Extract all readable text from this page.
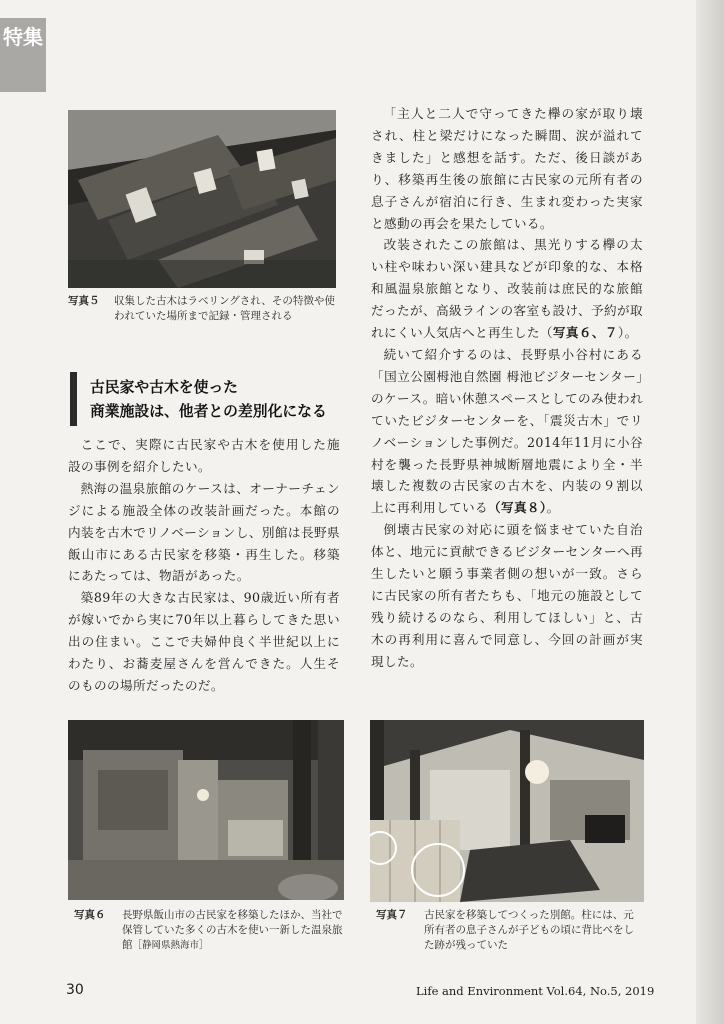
特集

写真５	収集した古木はラベリングされ、その特徴や使われていた場所まで記録・管理される
古民家や古木を使った
商業施設は、他者との差別化になる

ここで、実際に古民家や古木を使用した施設の事例を紹介したい。

熱海の温泉旅館のケースは、オーナーチェンジによる施設全体の改装計画だった。本館の内装を古木でリノベーションし、別館は長野県飯山市にある古民家を移築・再生した。移築にあたっては、物語があった。

築89年の大きな古民家は、90歳近い所有者が嫁いでから実に70年以上暮らしてきた思い出の住まい。ここで夫婦仲良く半世紀以上にわたり、お蕎麦屋さんを営んできた。人生そのものの場所だったのだ。

「主人と二人で守ってきた欅の家が取り壊され、柱と梁だけになった瞬間、涙が溢れてきました」と感想を話す。ただ、後日談があり、移築再生後の旅館に古民家の元所有者の息子さんが宿泊に行き、生まれ変わった実家と感動の再会を果たしている。

改装されたこの旅館は、黒光りする欅の太い柱や味わい深い建具などが印象的な、本格和風温泉旅館となり、改装前は庶民的な旅館だったが、高級ラインの客室も設け、予約が取れにくい人気店へと再生した（写真６、７）。

続いて紹介するのは、長野県小谷村にある「国立公園栂池自然園 栂池ビジターセンター」のケース。暗い休憩スペースとしてのみ使われていたビジターセンターを、「震災古木」でリノベーションした事例だ。2014年11月に小谷村を襲った長野県神城断層地震により全・半壊した複数の古民家の古木を、内装の９割以上に再利用している（写真８）。

倒壊古民家の対応に頭を悩ませていた自治体と、地元に貢献できるビジターセンターへ再生したいと願う事業者側の想いが一致。さらに古民家の所有者たちも、「地元の施設として残り続けるのなら、利用してほしい」と、古木の再利用に喜んで同意し、今回の計画が実現した。

写真６	長野県飯山市の古民家を移築したほか、当社で保管していた多くの古木を使い一新した温泉旅館［静岡県熱海市］
写真７	古民家を移築してつくった別館。柱には、元所有者の息子さんが子どもの頃に背比べをした跡が残っていた
30	Life and Environment Vol.64, No.5, 2019
